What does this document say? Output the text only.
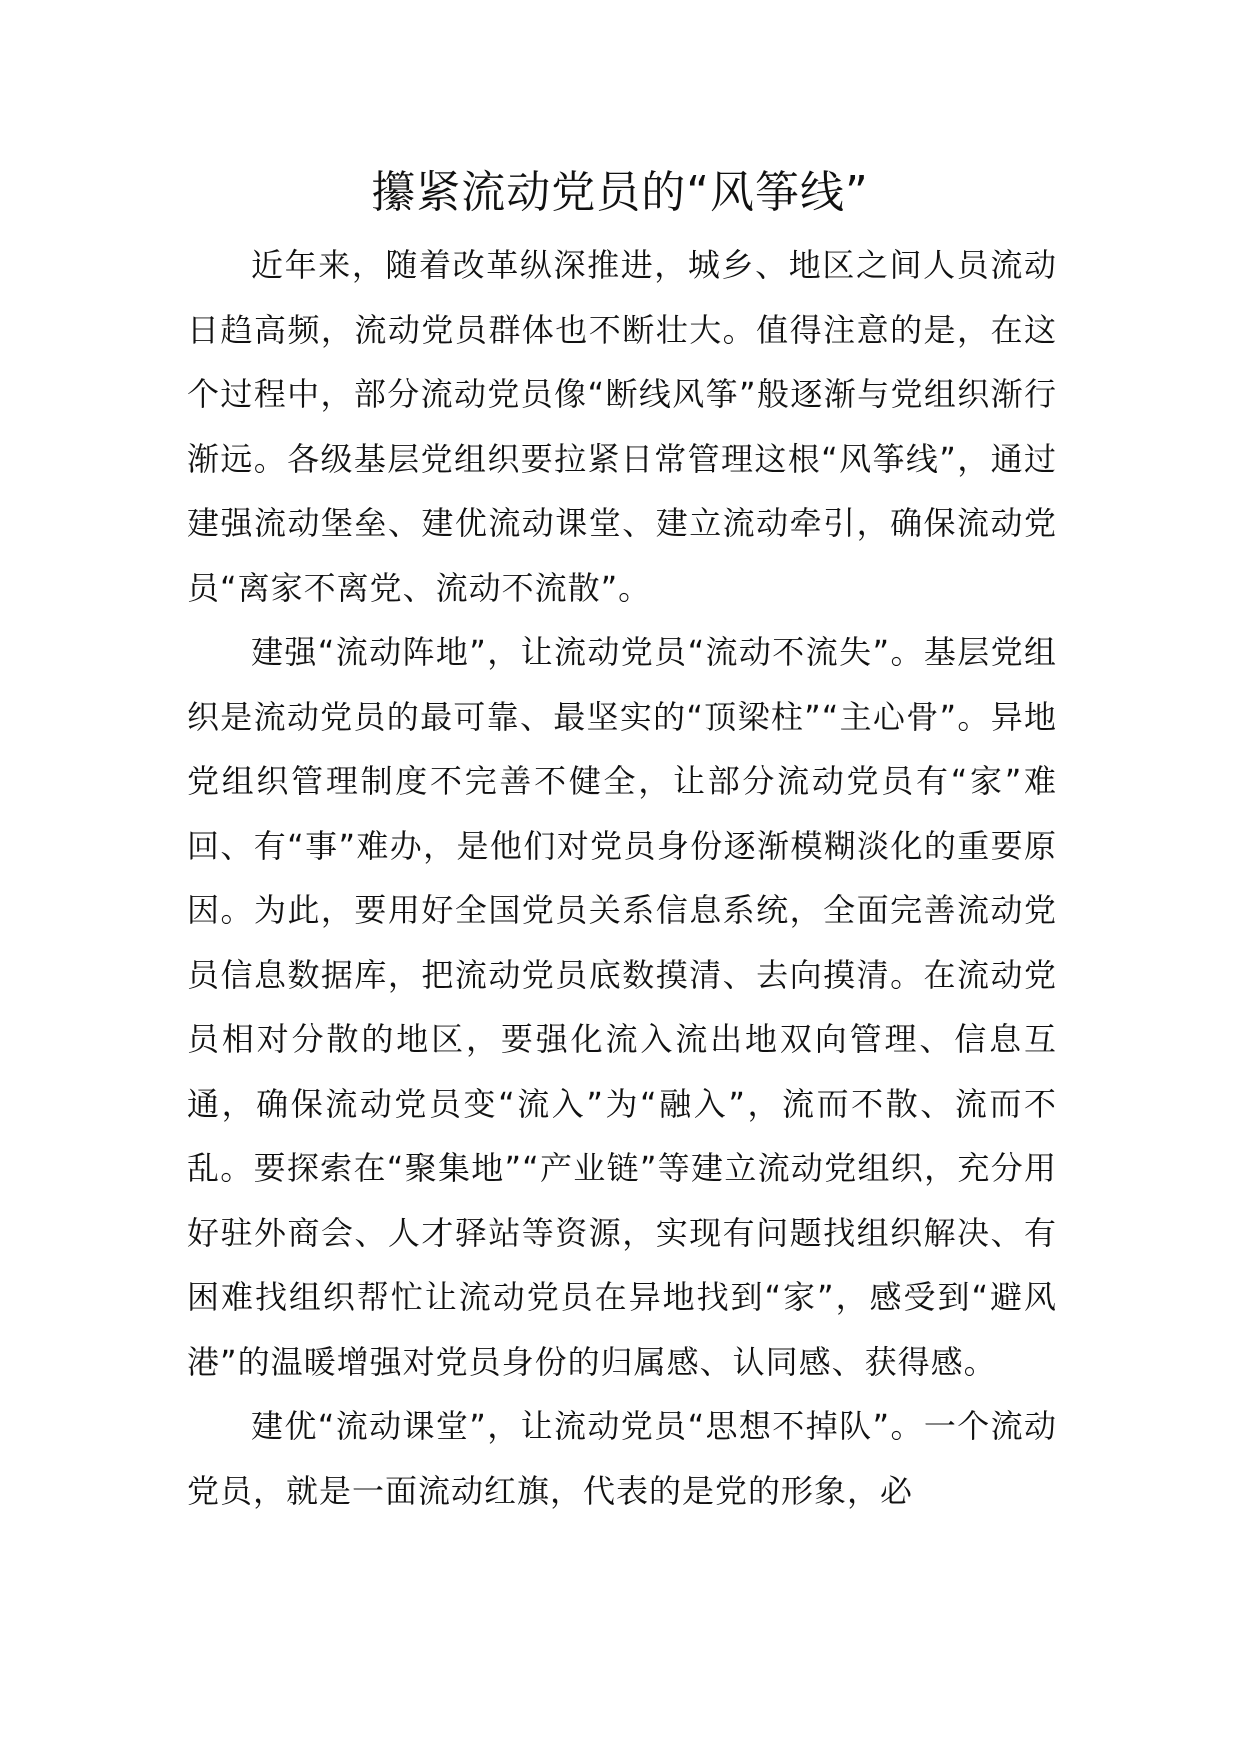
攥紧流动党员的“风筝线”

近年来，随着改革纵深推进，城乡、地区之间人员流动日趋高频，流动党员群体也不断壮大。值得注意的是，在这个过程中，部分流动党员像“断线风筝”般逐渐与党组织渐行渐远。各级基层党组织要拉紧日常管理这根“风筝线”，通过建强流动堡垒、建优流动课堂、建立流动牵引，确保流动党员“离家不离党、流动不流散”。

建强“流动阵地”，让流动党员“流动不流失”。基层党组织是流动党员的最可靠、最坚实的“顶梁柱”“主心骨”。异地党组织管理制度不完善不健全，让部分流动党员有“家”难回、有“事”难办，是他们对党员身份逐渐模糊淡化的重要原因。为此，要用好全国党员关系信息系统，全面完善流动党员信息数据库，把流动党员底数摸清、去向摸清。在流动党员相对分散的地区，要强化流入流出地双向管理、信息互通，确保流动党员变“流入”为“融入”，流而不散、流而不乱。要探索在“聚集地”“产业链”等建立流动党组织，充分用好驻外商会、人才驿站等资源，实现有问题找组织解决、有困难找组织帮忙让流动党员在异地找到“家”，感受到“避风港”的温暖增强对党员身份的归属感、认同感、获得感。

建优“流动课堂”，让流动党员“思想不掉队”。一个流动党员，就是一面流动红旗，代表的是党的形象，必
